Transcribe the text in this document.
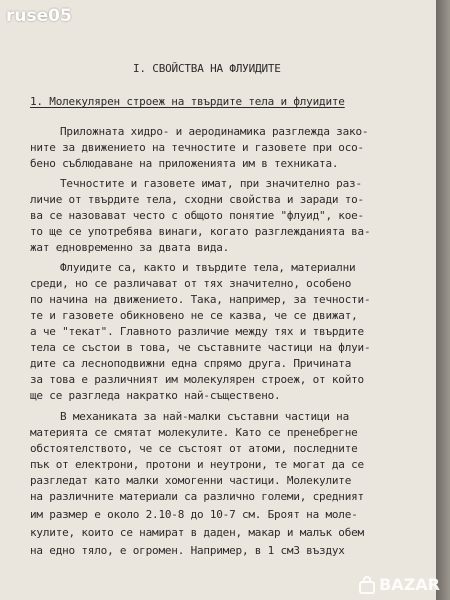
I. СВОЙСТВА НА ФЛУИДИТЕ
1. Молекулярен строеж на твърдите тела и флуидите
Приложната хидро- и аеродинамика разглежда зако-
ните за движението на течностите и газовете при осо-
бено съблюдаване на приложенията им в техниката.
Течностите и газовете имат, при значително раз-
личие от твърдите тела, сходни свойства и заради то-
ва се назовават често с общото понятие "флуид", кое-
то ще се употребява винаги, когато разглежданията ва-
жат едновременно за двата вида.
Флуидите са, както и твърдите тела, материални
среди, но се различават от тях значително, особено
по начина на движението. Така, например, за течности-
те и газовете обикновено не се казва, че се движат,
а че "текат". Главното различие между тях и твърдите
тела се състои в това, че съставните частици на флуи-
дите са леснoподвижни една спрямо друга. Причината
за това е различният им молекулярен строеж, от който
ще се разгледа накратко най-съществено.
В механиката за най-малки съставни частици на
материята се смятат молекулите. Като се пренебрегне
обстоятелството, че се състоят от атоми, последните
пък от електрони, протони и неутрони, те могат да се
разгледат като малки хомогенни частици. Молекулите
на различните материали са различно големи, средният
им размер е около 2.10-8 до 10-7 см. Броят на моле-
кулите, които се намират в даден, макар и малък обем
на едно тяло, е огромен. Например, в 1 см3 въздух
ruse05
BAZAR
